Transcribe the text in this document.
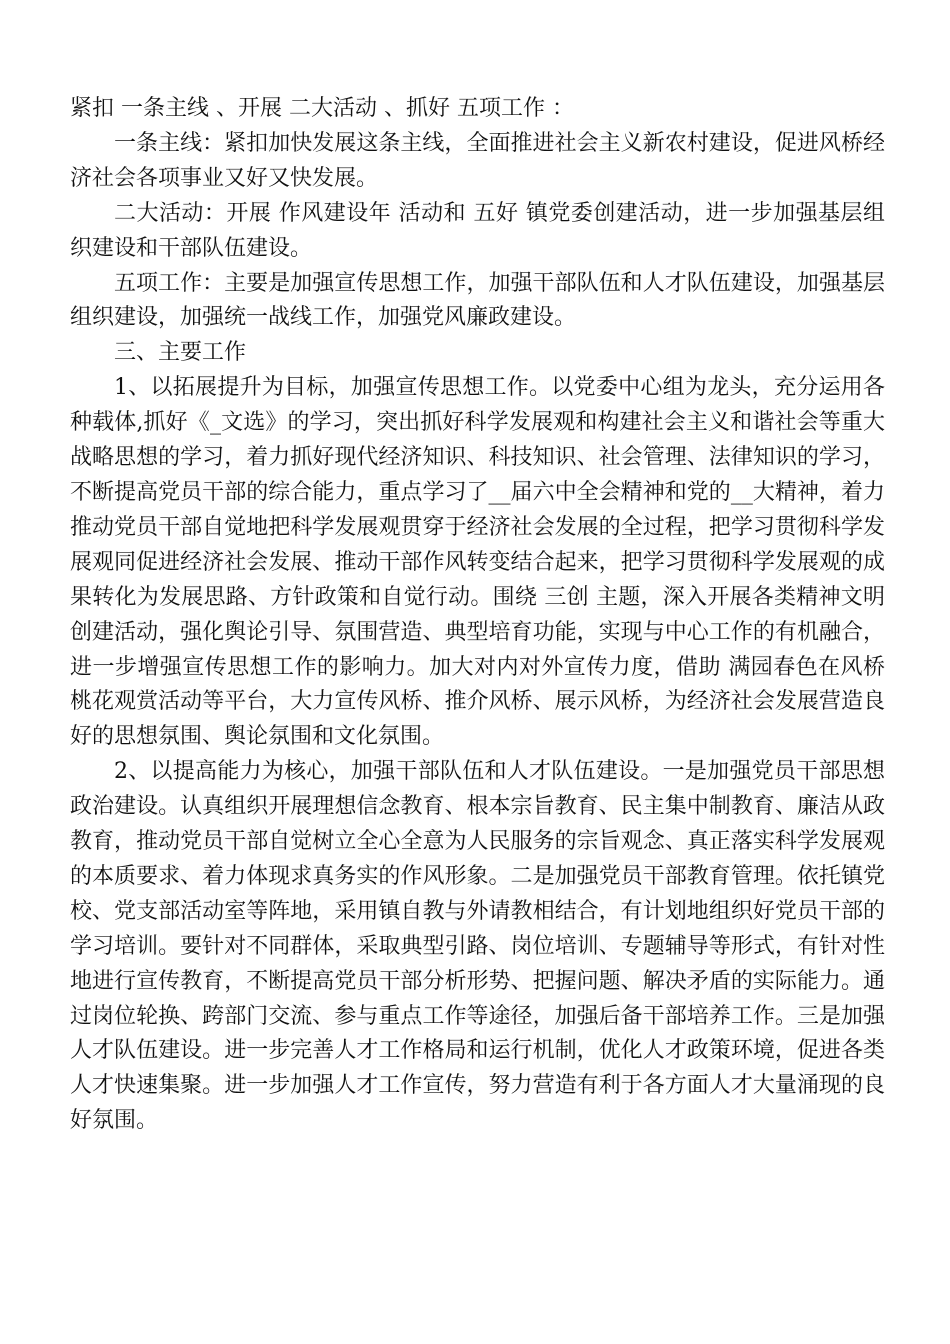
紧扣 一条主线 、开展 二大活动 、抓好 五项工作 ：

一条主线：紧扣加快发展这条主线，全面推进社会主义新农村建设，促进风桥经济社会各项事业又好又快发展。

二大活动：开展 作风建设年 活动和 五好 镇党委创建活动，进一步加强基层组织建设和干部队伍建设。

五项工作：主要是加强宣传思想工作，加强干部队伍和人才队伍建设，加强基层组织建设，加强统一战线工作，加强党风廉政建设。

三、主要工作

1、以拓展提升为目标，加强宣传思想工作。以党委中心组为龙头，充分运用各种载体,抓好《_文选》的学习，突出抓好科学发展观和构建社会主义和谐社会等重大战略思想的学习，着力抓好现代经济知识、科技知识、社会管理、法律知识的学习，不断提高党员干部的综合能力，重点学习了__届六中全会精神和党的__大精神，着力推动党员干部自觉地把科学发展观贯穿于经济社会发展的全过程，把学习贯彻科学发展观同促进经济社会发展、推动干部作风转变结合起来，把学习贯彻科学发展观的成果转化为发展思路、方针政策和自觉行动。围绕 三创 主题，深入开展各类精神文明创建活动，强化舆论引导、氛围营造、典型培育功能，实现与中心工作的有机融合，进一步增强宣传思想工作的影响力。加大对内对外宣传力度，借助 满园春色在风桥 桃花观赏活动等平台，大力宣传风桥、推介风桥、展示风桥，为经济社会发展营造良好的思想氛围、舆论氛围和文化氛围。

2、以提高能力为核心，加强干部队伍和人才队伍建设。一是加强党员干部思想政治建设。认真组织开展理想信念教育、根本宗旨教育、民主集中制教育、廉洁从政教育，推动党员干部自觉树立全心全意为人民服务的宗旨观念、真正落实科学发展观的本质要求、着力体现求真务实的作风形象。二是加强党员干部教育管理。依托镇党校、党支部活动室等阵地，采用镇自教与外请教相结合，有计划地组织好党员干部的学习培训。要针对不同群体，采取典型引路、岗位培训、专题辅导等形式，有针对性地进行宣传教育，不断提高党员干部分析形势、把握问题、解决矛盾的实际能力。通过岗位轮换、跨部门交流、参与重点工作等途径，加强后备干部培养工作。三是加强人才队伍建设。进一步完善人才工作格局和运行机制，优化人才政策环境，促进各类人才快速集聚。进一步加强人才工作宣传，努力营造有利于各方面人才大量涌现的良好氛围。
